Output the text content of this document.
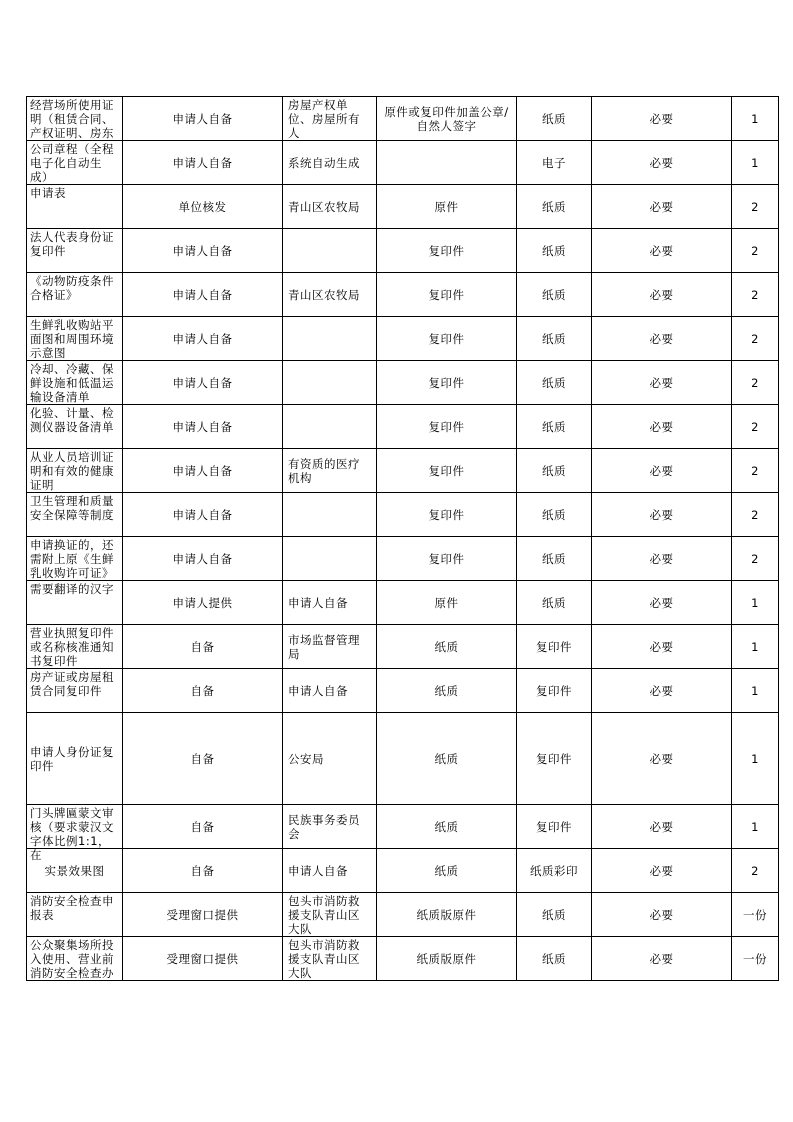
经营场所使用证明（租赁合同、产权证明、房东	申请人自备	房屋产权单位、房屋所有人	原件或复印件加盖公章/自然人签字	纸质	必要	1

公司章程（全程电子化自动生成）	申请人自备	系统自动生成		电子	必要	1

申请表	单位核发	青山区农牧局	原件	纸质	必要	2

法人代表身份证复印件	申请人自备		复印件	纸质	必要	2

《动物防疫条件合格证》	申请人自备	青山区农牧局	复印件	纸质	必要	2

生鲜乳收购站平面图和周围环境示意图	申请人自备		复印件	纸质	必要	2

冷却、冷藏、保鲜设施和低温运输设备清单	申请人自备		复印件	纸质	必要	2

化验、计量、检测仪器设备清单	申请人自备		复印件	纸质	必要	2

从业人员培训证明和有效的健康证明	申请人自备	有资质的医疗机构	复印件	纸质	必要	2

卫生管理和质量安全保障等制度	申请人自备		复印件	纸质	必要	2

申请换证的，还需附上原《生鲜乳收购许可证》	申请人自备		复印件	纸质	必要	2

需要翻译的汉字	申请人提供	申请人自备	原件	纸质	必要	1

营业执照复印件或名称核准通知书复印件	自备	市场监督管理局	纸质	复印件	必要	1

房产证或房屋租赁合同复印件	自备	申请人自备	纸质	复印件	必要	1

申请人身份证复印件	自备	公安局	纸质	复印件	必要	1

门头牌匾蒙文审核（要求蒙汉文字体比例1:1，在	自备	民族事务委员会	纸质	复印件	必要	1

实景效果图	自备	申请人自备	纸质	纸质彩印	必要	2

消防安全检查申报表	受理窗口提供	包头市消防救援支队青山区大队	纸质版原件	纸质	必要	一份

公众聚集场所投入使用、营业前消防安全检查办	受理窗口提供	包头市消防救援支队青山区大队	纸质版原件	纸质	必要	一份
